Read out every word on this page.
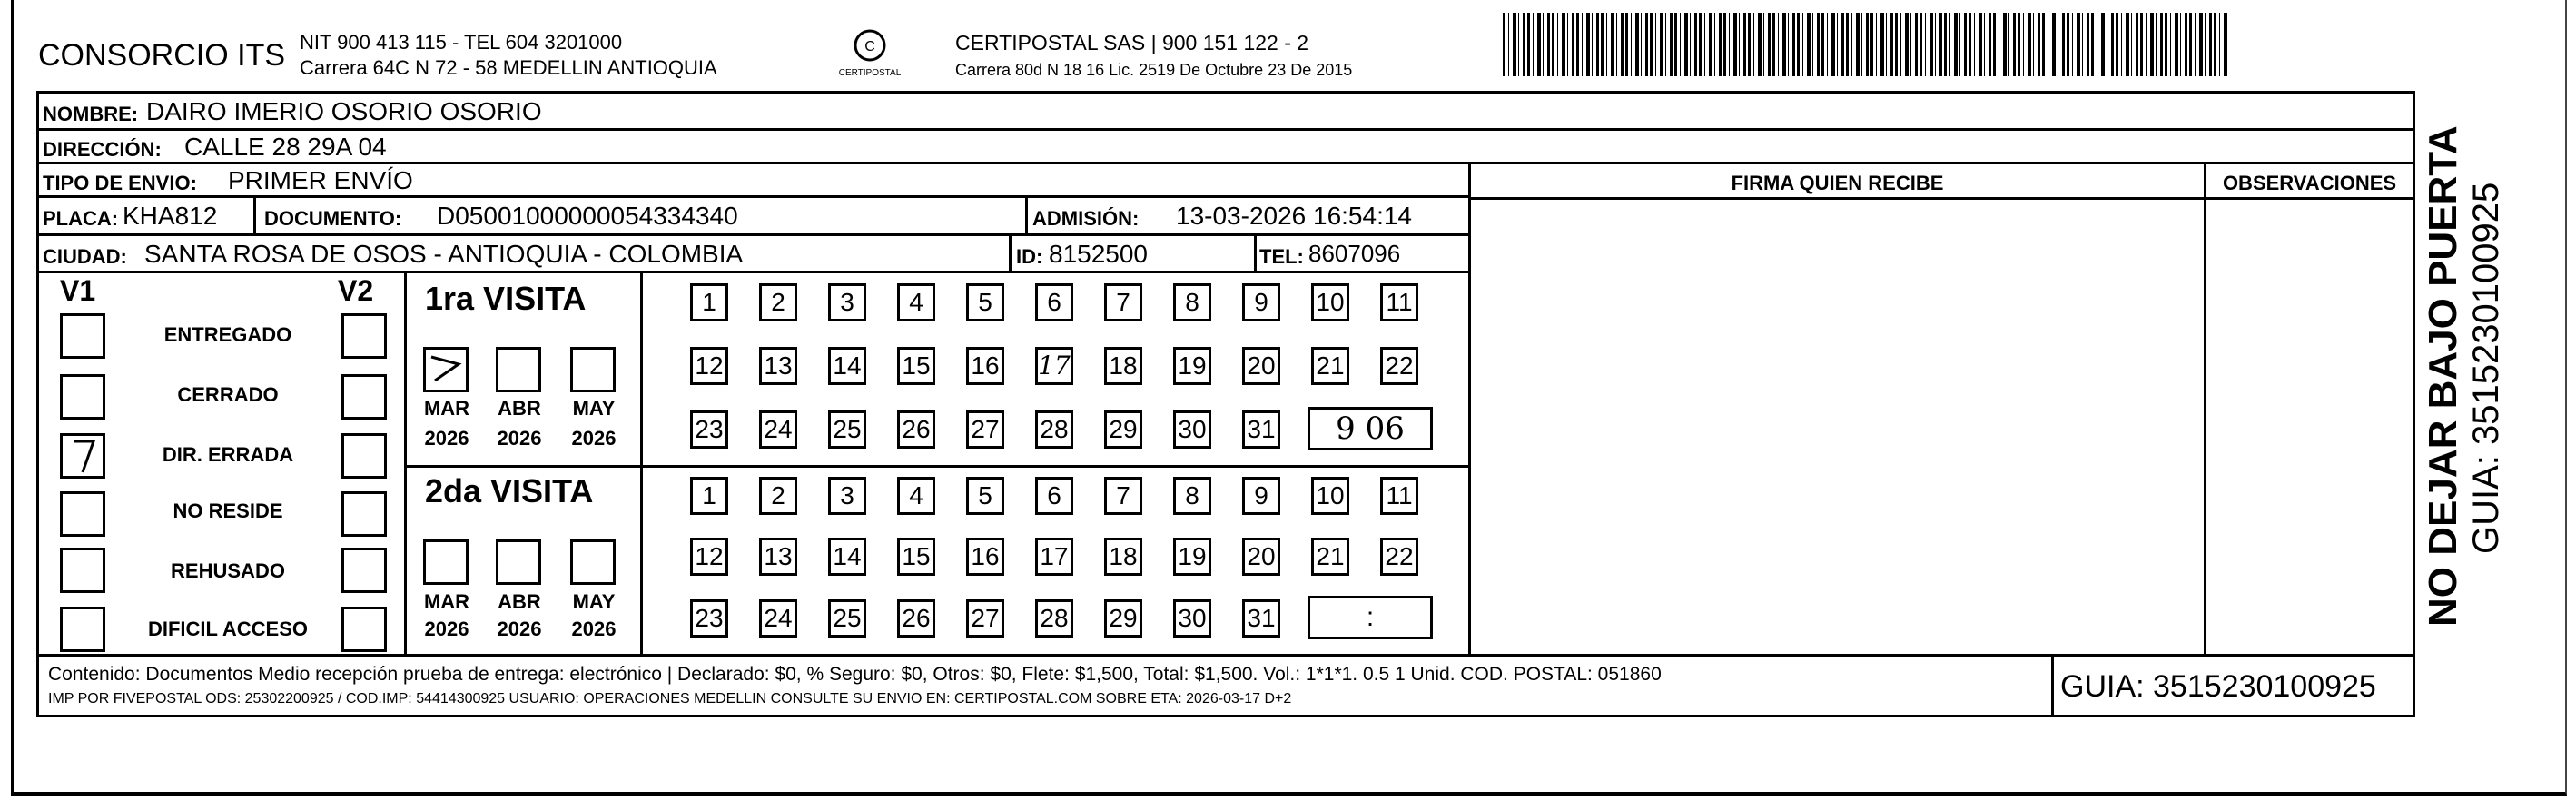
CONSORCIO ITS NIT 900 413 115 - TEL 604 3201000
Carrera 64C N 72 - 58 MEDELLIN ANTIOQUIA
C
CERTIPOSTAL
CERTIPOSTAL SAS | 900 151 122 - 2
Carrera 80d N 18 16 Lic. 2519 De Octubre 23 De 2015
NOMBRE: DAIRO IMERIO OSORIO OSORIO
DIRECCIÓN: CALLE 28 29A 04
TIPO DE ENVIO: PRIMER ENVÍO
PLACA: KHA812 DOCUMENTO: D05001000000054334340	ADMISIÓN: 13-03-2026 16:54:14
CIUDAD: SANTA ROSA DE OSOS - ANTIOQUIA - COLOMBIA	ID: 8152500	TEL: 8607096
FIRMA QUIEN RECIBE	OBSERVACIONES
V1	V2
ENTREGADO
CERRADO
DIR. ERRADA
NO RESIDE
REHUSADO
DIFICIL ACCESO
1ra VISITA
MAR ABR MAY
2026 2026 2026
2da VISITA
MAR ABR MAY
2026 2026 2026
1	2	3	4	5	6	7	8	9	10 11
12 13 14 15 16 17 18 19 20 21 22
23 24 25 26 27 28 29 30 31
1	2	3	4	5	6	7	8	9	10 11
12 13 14 15 16 17 18 19 20 21 22
23 24 25 26 27 28 29 30 31
9 06
:
Contenido: Documentos Medio recepción prueba de entrega: electrónico | Declarado: $0, % Seguro: $0, Otros: $0, Flete: $1,500, Total: $1,500. Vol.: 1*1*1. 0.5 1 Unid. COD. POSTAL: 051860
IMP POR FIVEPOSTAL ODS: 25302200925 / COD.IMP: 54414300925 USUARIO: OPERACIONES MEDELLIN CONSULTE SU ENVIO EN: CERTIPOSTAL.COM SOBRE ETA: 2026-03-17 D+2	GUIA: 3515230100925
NO DEJAR BAJO PUERTA GUIA: 3515230100925
